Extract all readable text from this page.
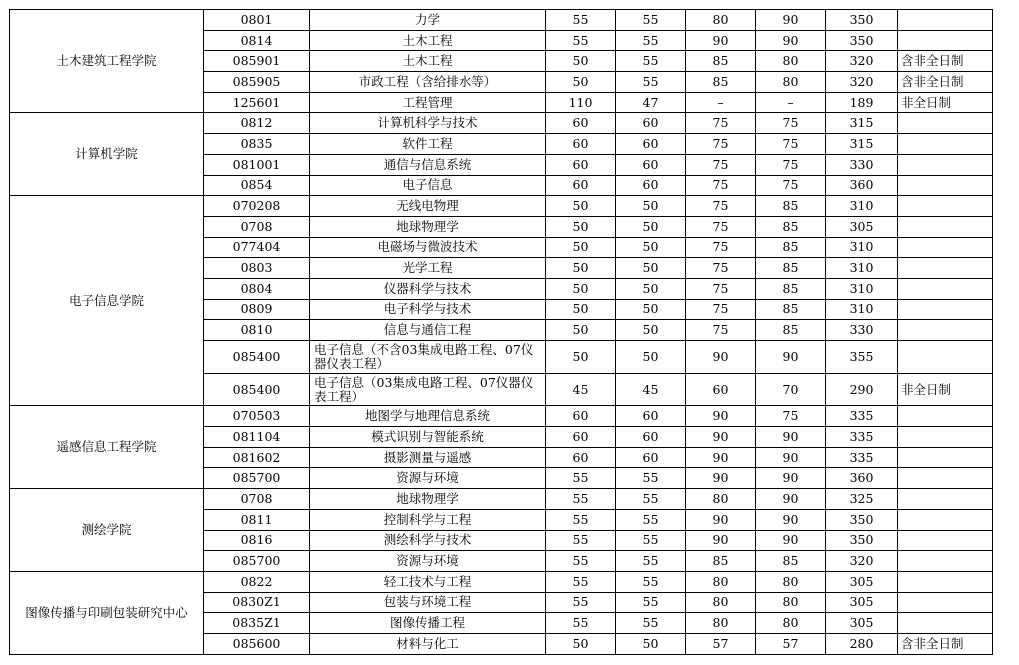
土木建筑工程学院	0801	力学	55	55	80	90	350	
	0814	土木工程	55	55	90	90	350	
	085901	土木工程	50	55	85	80	320	含非全日制
	085905	市政工程（含给排水等）	50	55	85	80	320	含非全日制
	125601	工程管理	110	47	–	–	189	非全日制
计算机学院	0812	计算机科学与技术	60	60	75	75	315	
	0835	软件工程	60	60	75	75	315	
	081001	通信与信息系统	60	60	75	75	330	
	0854	电子信息	60	60	75	75	360	
电子信息学院	070208	无线电物理	50	50	75	85	310	
	0708	地球物理学	50	50	75	85	305	
	077404	电磁场与微波技术	50	50	75	85	310	
	0803	光学工程	50	50	75	85	310	
	0804	仪器科学与技术	50	50	75	85	310	
	0809	电子科学与技术	50	50	75	85	310	
	0810	信息与通信工程	50	50	75	85	330	
	085400	电子信息（不含03集成电路工程、07仪器仪表工程）	50	50	90	90	355	
	085400	电子信息（03集成电路工程、07仪器仪表工程）	45	45	60	70	290	非全日制
遥感信息工程学院	070503	地图学与地理信息系统	60	60	90	75	335	
	081104	模式识别与智能系统	60	60	90	90	335	
	081602	摄影测量与遥感	60	60	90	90	335	
	085700	资源与环境	55	55	90	90	360	
测绘学院	0708	地球物理学	55	55	80	90	325	
	0811	控制科学与工程	55	55	90	90	350	
	0816	测绘科学与技术	55	55	90	90	350	
	085700	资源与环境	55	55	85	85	320	
图像传播与印刷包装研究中心	0822	轻工技术与工程	55	55	80	80	305	
	0830Z1	包装与环境工程	55	55	80	80	305	
	0835Z1	图像传播工程	55	55	80	80	305	
	085600	材料与化工	50	50	57	57	280	含非全日制
